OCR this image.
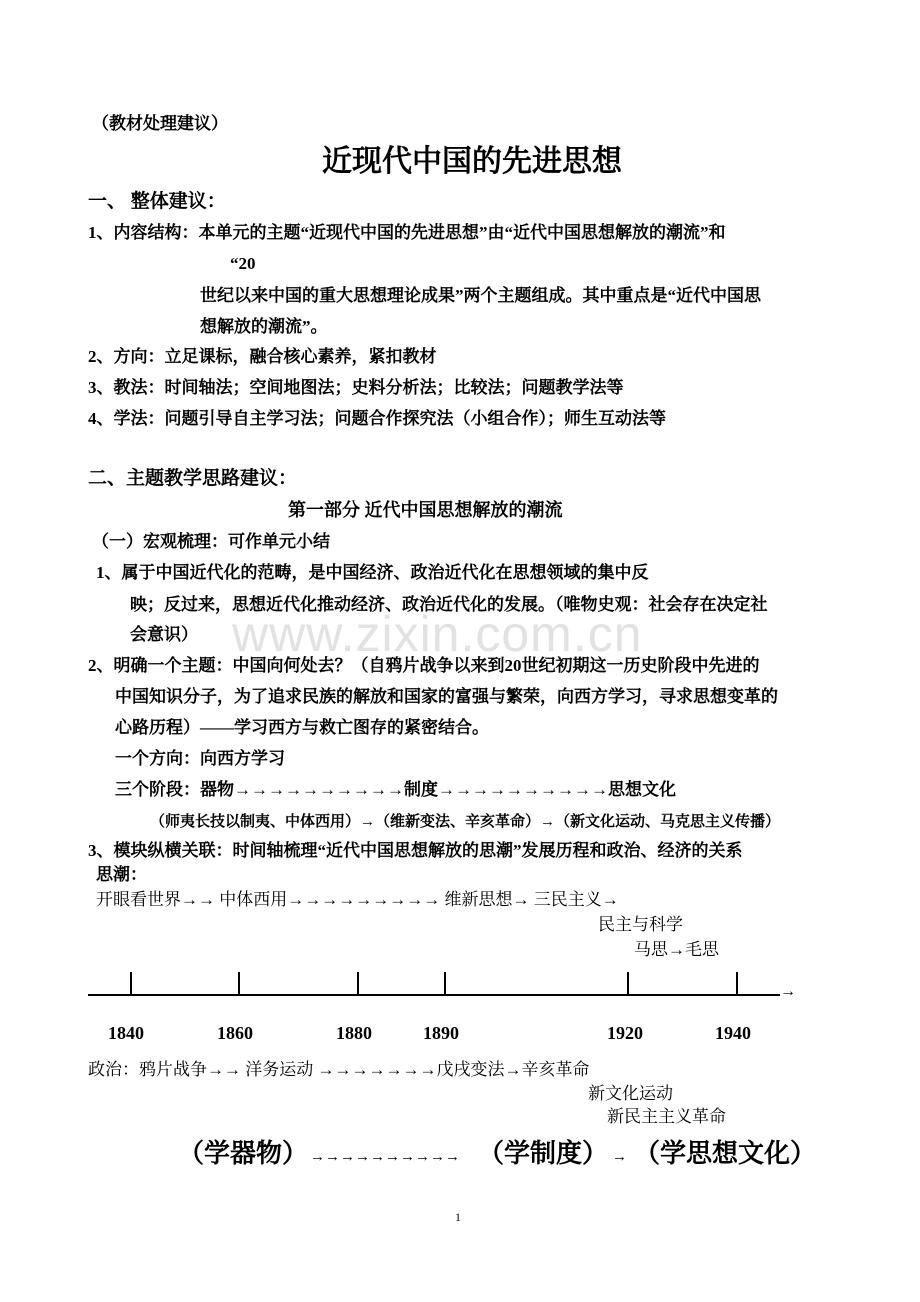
www.zixin.com.cn
（教材处理建议）
近现代中国的先进思想
一、 整体建议：
1、内容结构：本单元的主题“近现代中国的先进思想”由“近代中国思想解放的潮流”和
“20
世纪以来中国的重大思想理论成果”两个主题组成。其中重点是“近代中国思
想解放的潮流”。
2、方向：立足课标，融合核心素养，紧扣教材
3、教法：时间轴法；空间地图法；史料分析法；比较法；问题教学法等
4、学法：问题引导自主学习法；问题合作探究法（小组合作）；师生互动法等
二、主题教学思路建议：
第一部分 近代中国思想解放的潮流
（一）宏观梳理：可作单元小结
1、属于中国近代化的范畴，是中国经济、政治近代化在思想领域的集中反
映；反过来，思想近代化推动经济、政治近代化的发展。（唯物史观：社会存在决定社
会意识）
2、明确一个主题：中国向何处去？（自鸦片战争以来到20世纪初期这一历史阶段中先进的
中国知识分子，为了追求民族的解放和国家的富强与繁荣，向西方学习，寻求思想变革的
心路历程）——学习西方与救亡图存的紧密结合。
一个方向：向西方学习
三个阶段：器物→→→→→→→→→→制度→→→→→→→→→→思想文化
（师夷长技以制夷、中体西用）→（维新变法、辛亥革命）→（新文化运动、马克思主义传播）
3、模块纵横关联：时间轴梳理“近代中国思想解放的思潮”发展历程和政治、经济的关系
思潮：
开眼看世界→→ 中体西用→→→→→→→→→ 维新思想→ 三民主义→
民主与科学
马思→毛思
→
1840	1860	1880	1890	1920	1940
政治：鸦片战争→→ 洋务运动 →→→→→→→戊戌变法→辛亥革命
新文化运动
新民主主义革命
（学器物） →→→→→→→→→→ （学制度） → （学思想文化）
1
